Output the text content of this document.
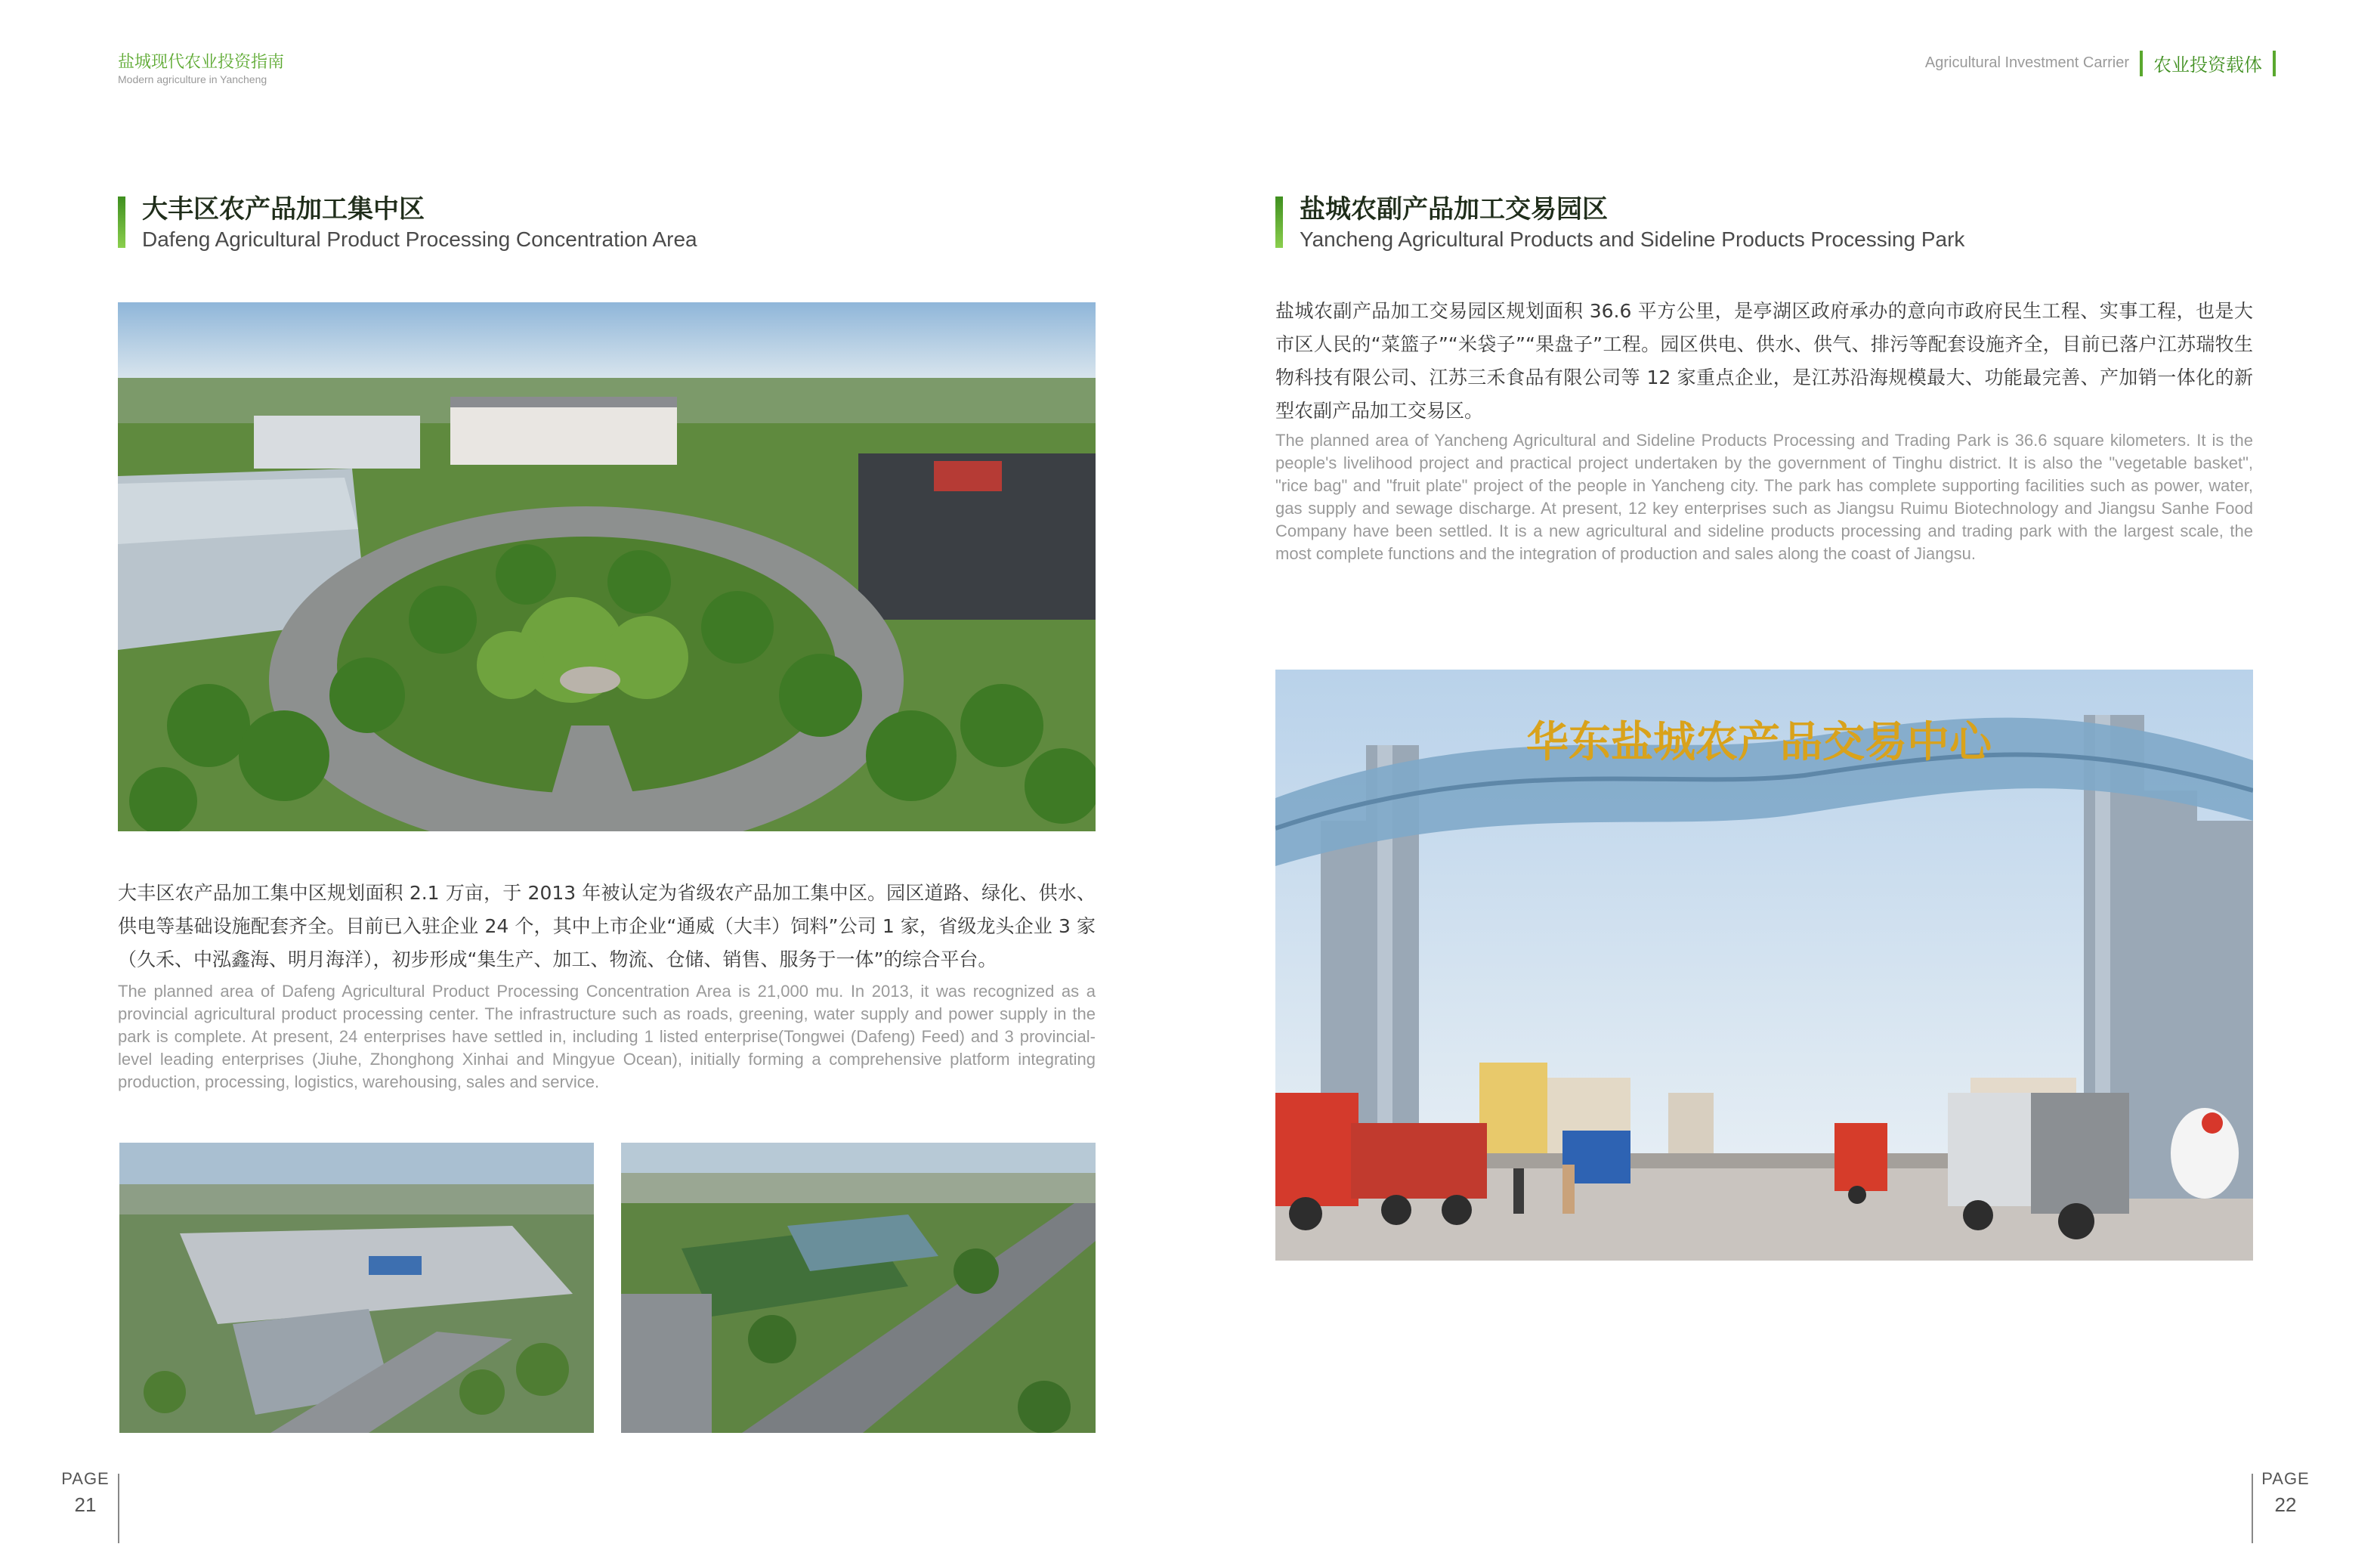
盐城现代农业投资指南
Modern agriculture in Yancheng
Agricultural Investment Carrier 农业投资载体
大丰区农产品加工集中区
Dafeng Agricultural Product Processing Concentration Area
大丰区农产品加工集中区规划面积 2.1 万亩，于 2013 年被认定为省级农产品加工集中区。园区道路、绿化、供水、供电等基础设施配套齐全。目前已入驻企业 24 个，其中上市企业“通威（大丰）饲料”公司 1 家，省级龙头企业 3 家（久禾、中泓鑫海、明月海洋），初步形成“集生产、加工、物流、仓储、销售、服务于一体”的综合平台。
The planned area of Dafeng Agricultural Product Processing Concentration Area is 21,000 mu. In 2013, it was recognized as a provincial agricultural product processing center. The infrastructure such as roads, greening, water supply and power supply in the park is complete. At present, 24 enterprises have settled in, including 1 listed enterprise(Tongwei (Dafeng) Feed) and 3 provincial-level leading enterprises (Jiuhe, Zhonghong Xinhai and Mingyue Ocean), initially forming a comprehensive platform integrating production, processing, logistics, warehousing, sales and service.
PAGE
21
盐城农副产品加工交易园区
Yancheng Agricultural Products and Sideline Products Processing Park
盐城农副产品加工交易园区规划面积 36.6 平方公里，是亭湖区政府承办的意向市政府民生工程、实事工程，也是大市区人民的“菜篮子”“米袋子”“果盘子”工程。园区供电、供水、供气、排污等配套设施齐全，目前已落户江苏瑞牧生物科技有限公司、江苏三禾食品有限公司等 12 家重点企业，是江苏沿海规模最大、功能最完善、产加销一体化的新型农副产品加工交易区。
The planned area of Yancheng Agricultural and Sideline Products Processing and Trading Park is 36.6 square kilometers. It is the people's livelihood project and practical project undertaken by the government of Tinghu district. It is also the "vegetable basket", "rice bag" and "fruit plate" project of the people in Yancheng city. The park has complete supporting facilities such as power, water, gas supply and sewage discharge. At present, 12 key enterprises such as Jiangsu Ruimu Biotechnology and Jiangsu Sanhe Food Company have been settled. It is a new agricultural and sideline products processing and trading park with the largest scale, the most complete functions and the integration of production and sales along the coast of Jiangsu.
华东盐城农产品交易中心
PAGE
22
